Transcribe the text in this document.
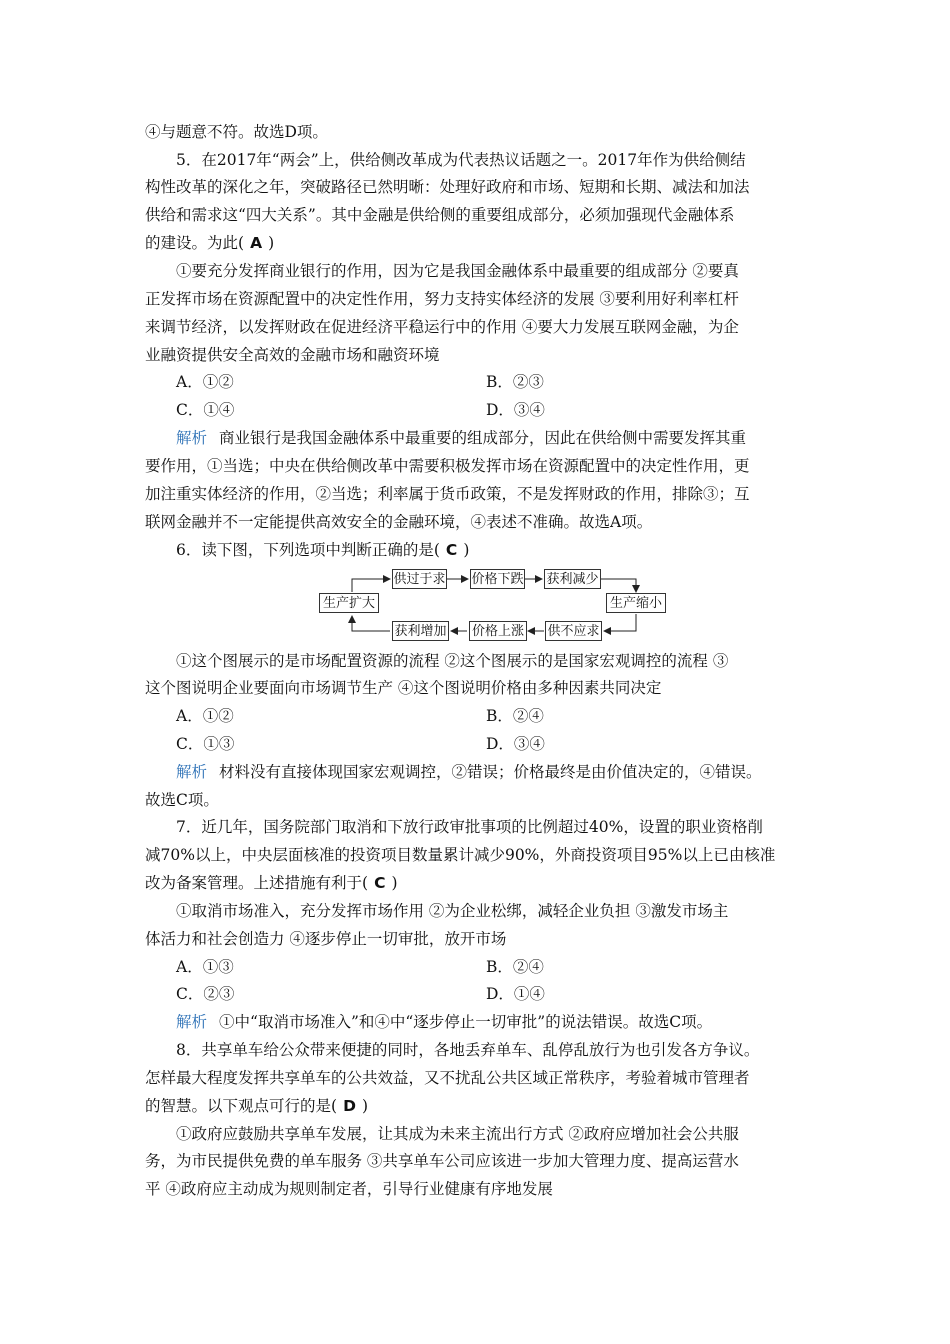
④与题意不符。故选D项。
5．在2017年“两会”上，供给侧改革成为代表热议话题之一。2017年作为供给侧结
构性改革的深化之年，突破路径已然明晰：处理好政府和市场、短期和长期、减法和加法
供给和需求这“四大关系”。其中金融是供给侧的重要组成部分，必须加强现代金融体系
的建设。为此( A )
①要充分发挥商业银行的作用，因为它是我国金融体系中最重要的组成部分 ②要真
正发挥市场在资源配置中的决定性作用，努力支持实体经济的发展 ③要利用好利率杠杆
来调节经济，以发挥财政在促进经济平稳运行中的作用 ④要大力发展互联网金融，为企
业融资提供安全高效的金融市场和融资环境
A．①②	B．②③
C．①④	D．③④
解析 商业银行是我国金融体系中最重要的组成部分，因此在供给侧中需要发挥其重
要作用，①当选；中央在供给侧改革中需要积极发挥市场在资源配置中的决定性作用，更
加注重实体经济的作用，②当选；利率属于货币政策，不是发挥财政的作用，排除③；互
联网金融并不一定能提供高效安全的金融环境，④表述不准确。故选A项。
6．读下图，下列选项中判断正确的是( C )
供过于求 价格下跌 获利减少
生产缩小
供不应求
价格上涨
获利增加
生产扩大
①这个图展示的是市场配置资源的流程 ②这个图展示的是国家宏观调控的流程 ③
这个图说明企业要面向市场调节生产 ④这个图说明价格由多种因素共同决定
A．①②	B．②④
C．①③	D．③④
解析 材料没有直接体现国家宏观调控，②错误；价格最终是由价值决定的，④错误。
故选C项。
7．近几年，国务院部门取消和下放行政审批事项的比例超过40%，设置的职业资格削
减70%以上，中央层面核准的投资项目数量累计减少90%，外商投资项目95%以上已由核准
改为备案管理。上述措施有利于( C )
①取消市场准入，充分发挥市场作用 ②为企业松绑，减轻企业负担 ③激发市场主
体活力和社会创造力 ④逐步停止一切审批，放开市场
A．①③	B．②④
C．②③	D．①④
解析 ①中“取消市场准入”和④中“逐步停止一切审批”的说法错误。故选C项。
8．共享单车给公众带来便捷的同时，各地丢弃单车、乱停乱放行为也引发各方争议。
怎样最大程度发挥共享单车的公共效益，又不扰乱公共区域正常秩序，考验着城市管理者
的智慧。以下观点可行的是( D )
①政府应鼓励共享单车发展，让其成为未来主流出行方式 ②政府应增加社会公共服
务，为市民提供免费的单车服务 ③共享单车公司应该进一步加大管理力度、提高运营水
平 ④政府应主动成为规则制定者，引导行业健康有序地发展
